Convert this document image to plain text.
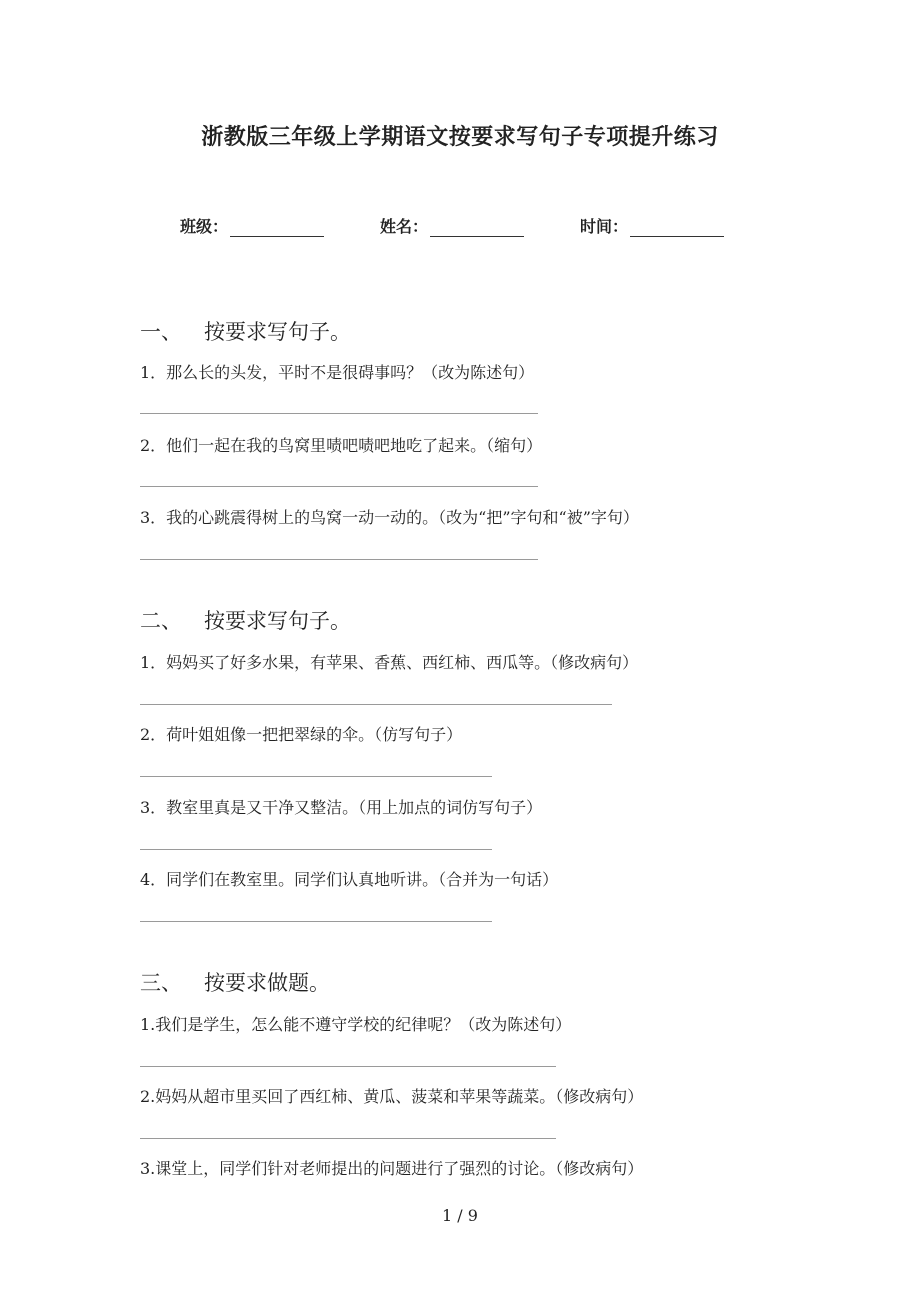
浙教版三年级上学期语文按要求写句子专项提升练习
班级：	姓名：	时间：
一、 按要求写句子。
1．那么长的头发，平时不是很碍事吗？（改为陈述句）
2．他们一起在我的鸟窝里啧吧啧吧地吃了起来。（缩句）
3．我的心跳震得树上的鸟窝一动一动的。（改为“把”字句和“被”字句）
二、 按要求写句子。
1．妈妈买了好多水果，有苹果、香蕉、西红柿、西瓜等。（修改病句）
2．荷叶姐姐像一把把翠绿的伞。（仿写句子）
3．教室里真是又干净又整洁。（用上加点的词仿写句子）
4．同学们在教室里。同学们认真地听讲。（合并为一句话）
三、 按要求做题。
1.我们是学生，怎么能不遵守学校的纪律呢？（改为陈述句）
2.妈妈从超市里买回了西红柿、黄瓜、菠菜和苹果等蔬菜。（修改病句）
3.课堂上，同学们针对老师提出的问题进行了强烈的讨论。（修改病句）
1 / 9
